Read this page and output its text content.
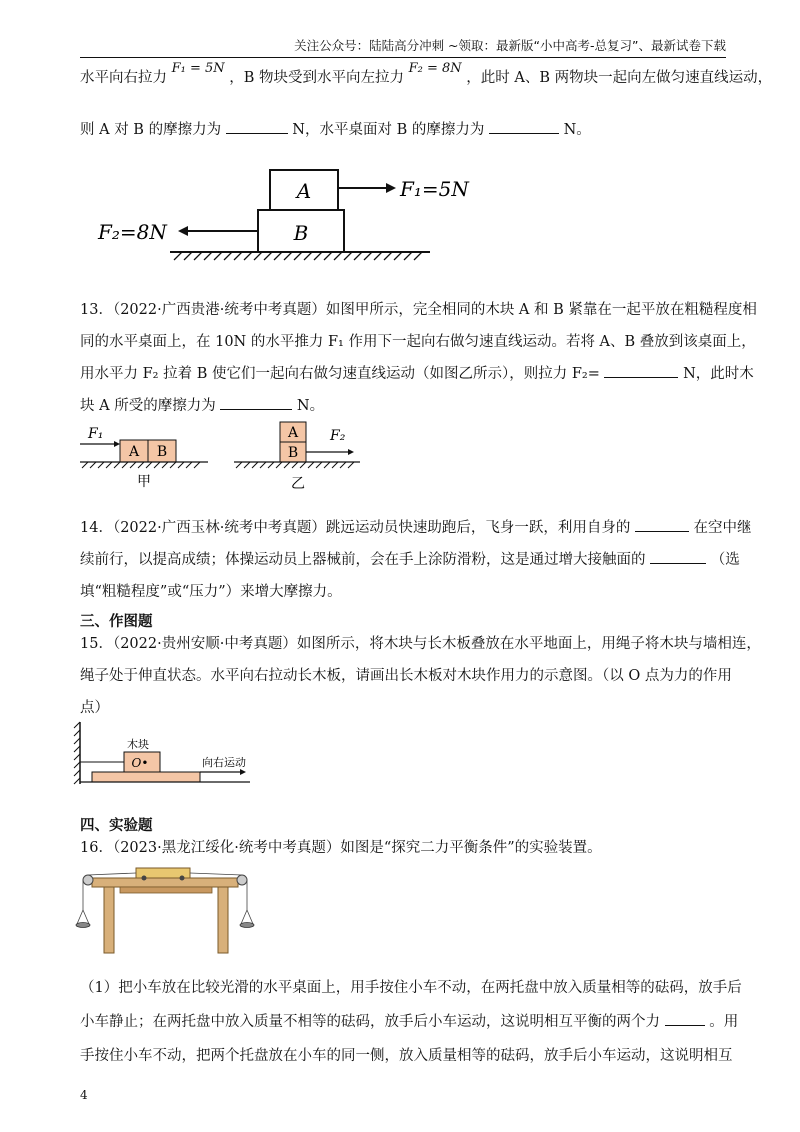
关注公众号：陆陆高分冲刺 ~领取：最新版“小中高考-总复习”、最新试卷下载
水平向右拉力 F₁ = 5N ，B 物块受到水平向左拉力 F₂ = 8N ，此时 A、B 两物块一起向左做匀速直线运动，
则 A 对 B 的摩擦力为	N，水平桌面对 B 的摩擦力为	N。
A
B
F₁=5N
F₂=8N
13．（2022·广西贵港·统考中考真题）如图甲所示，完全相同的木块 A 和 B 紧靠在一起平放在粗糙程度相
同的水平桌面上，在 10N 的水平推力 F₁ 作用下一起向右做匀速直线运动。若将 A、B 叠放到该桌面上，
用水平力 F₂ 拉着 B 使它们一起向右做匀速直线运动（如图乙所示），则拉力 F₂=	N，此时木
块 A 所受的摩擦力为	N。
F₁
A B
甲
A
B
F₂
乙
14．（2022·广西玉林·统考中考真题）跳远运动员快速助跑后，飞身一跃，利用自身的	在空中继
续前行，以提高成绩；体操运动员上器械前，会在手上涂防滑粉，这是通过增大接触面的	（选
填“粗糙程度”或“压力”）来增大摩擦力。
三、作图题
15．（2022·贵州安顺·中考真题）如图所示，将木块与长木板叠放在水平地面上，用绳子将木块与墙相连，
绳子处于伸直状态。水平向右拉动长木板，请画出长木板对木块作用力的示意图。（以 O 点为力的作用
点）
木块
O•	向右运动
四、实验题
16．（2023·黑龙江绥化·统考中考真题）如图是“探究二力平衡条件”的实验装置。
（1）把小车放在比较光滑的水平桌面上，用手按住小车不动，在两托盘中放入质量相等的砝码，放手后
小车静止；在两托盘中放入质量不相等的砝码，放手后小车运动，这说明相互平衡的两个力	。用
手按住小车不动，把两个托盘放在小车的同一侧，放入质量相等的砝码，放手后小车运动，这说明相互
4
